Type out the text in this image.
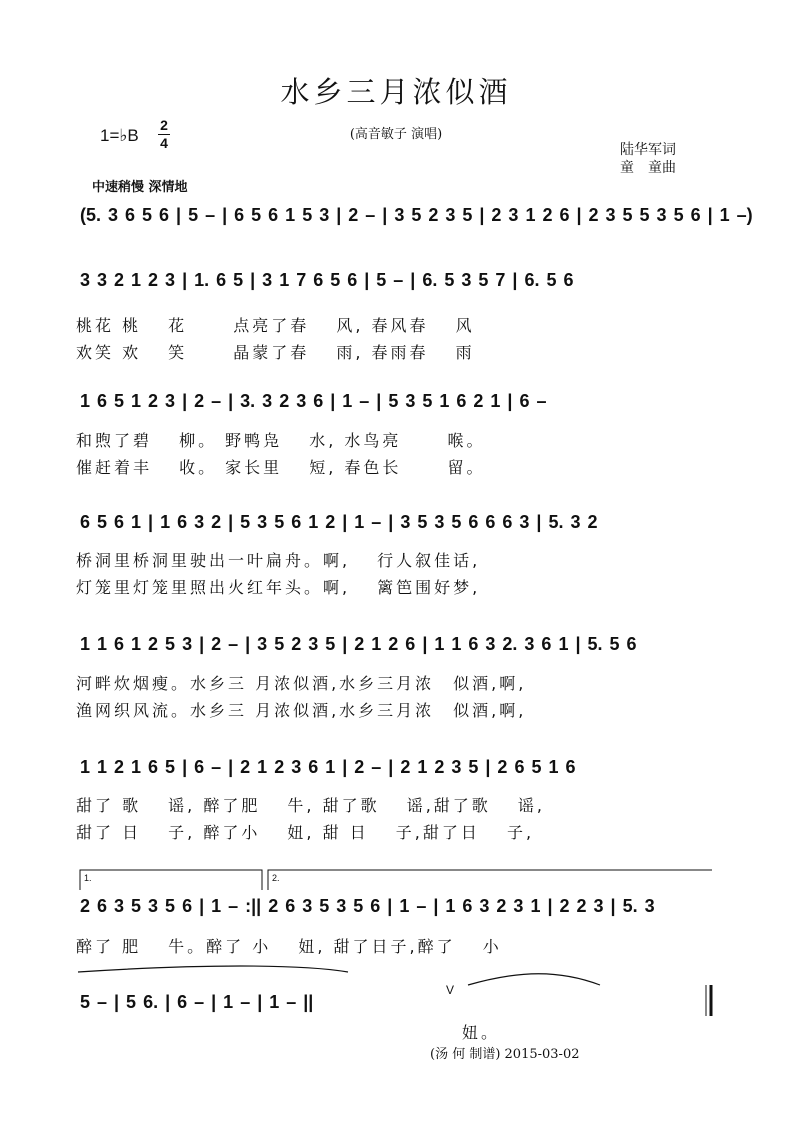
水乡三月浓似酒
1=♭B
2
4
(高音敏子 演唱)
陆华军词
童　童曲
中速稍慢 深情地
(5. 3 6 5 6 | 5 – | 6 5 6 1 5 3 | 2 – | 3 5 2 3 5 | 2 3 1 2 6 | 2 3 5 5 3 5 6 | 1 –)
3 3 2 1 2 3 | 1. 6 5 | 3 1 7 6 5 6 | 5 – | 6. 5 3 5 7 | 6. 5 6
桃花 桃　 花　　 点亮了春　 风, 春风春　 风
欢笑 欢　 笑　　 晶蒙了春　 雨, 春雨春　 雨
1 6 5 1 2 3 | 2 – | 3. 3 2 3 6 | 1 – | 5 3 5 1 6 2 1 | 6 –
和煦了碧　 柳。 野鸭凫　 水, 水鸟亮　　 喉。
催赶着丰　 收。 家长里　 短, 春色长　　 留。
6 5 6 1 | 1 6 3 2 | 5 3 5 6 1 2 | 1 – | 3 5 3 5 6 6 6 3 | 5. 3 2
桥洞里桥洞里驶出一叶扁舟。啊,　 行人叙佳话,
灯笼里灯笼里照出火红年头。啊,　 篱笆围好梦,
1 1 6 1 2 5 3 | 2 – | 3 5 2 3 5 | 2 1 2 6 | 1 1 6 3 2. 3 6 1 | 5. 5 6
河畔炊烟瘦。水乡三 月浓似酒,水乡三月浓　似酒,啊,
渔网织风流。水乡三 月浓似酒,水乡三月浓　似酒,啊,
1 1 2 1 6 5 | 6 – | 2 1 2 3 6 1 | 2 – | 2 1 2 3 5 | 2 6 5 1 6
甜了 歌　 谣, 醉了肥　 牛, 甜了歌　 谣,甜了歌　 谣,
甜了 日　 子, 醉了小　 妞, 甜 日　 子,甜了日　 子,
1.	2.
2 6 3 5 3 5 6 | 1 – :|| 2 6 3 5 3 5 6 | 1 – | 1 6 3 2 3 1 | 2 2 3 | 5. 3
醉了 肥　 牛。醉了 小　 妞, 甜了日子,醉了　 小
5 – | 5 6. | 6 – | 1 – | 1 – ||
V
妞。
(汤 何 制谱) 2015-03-02
